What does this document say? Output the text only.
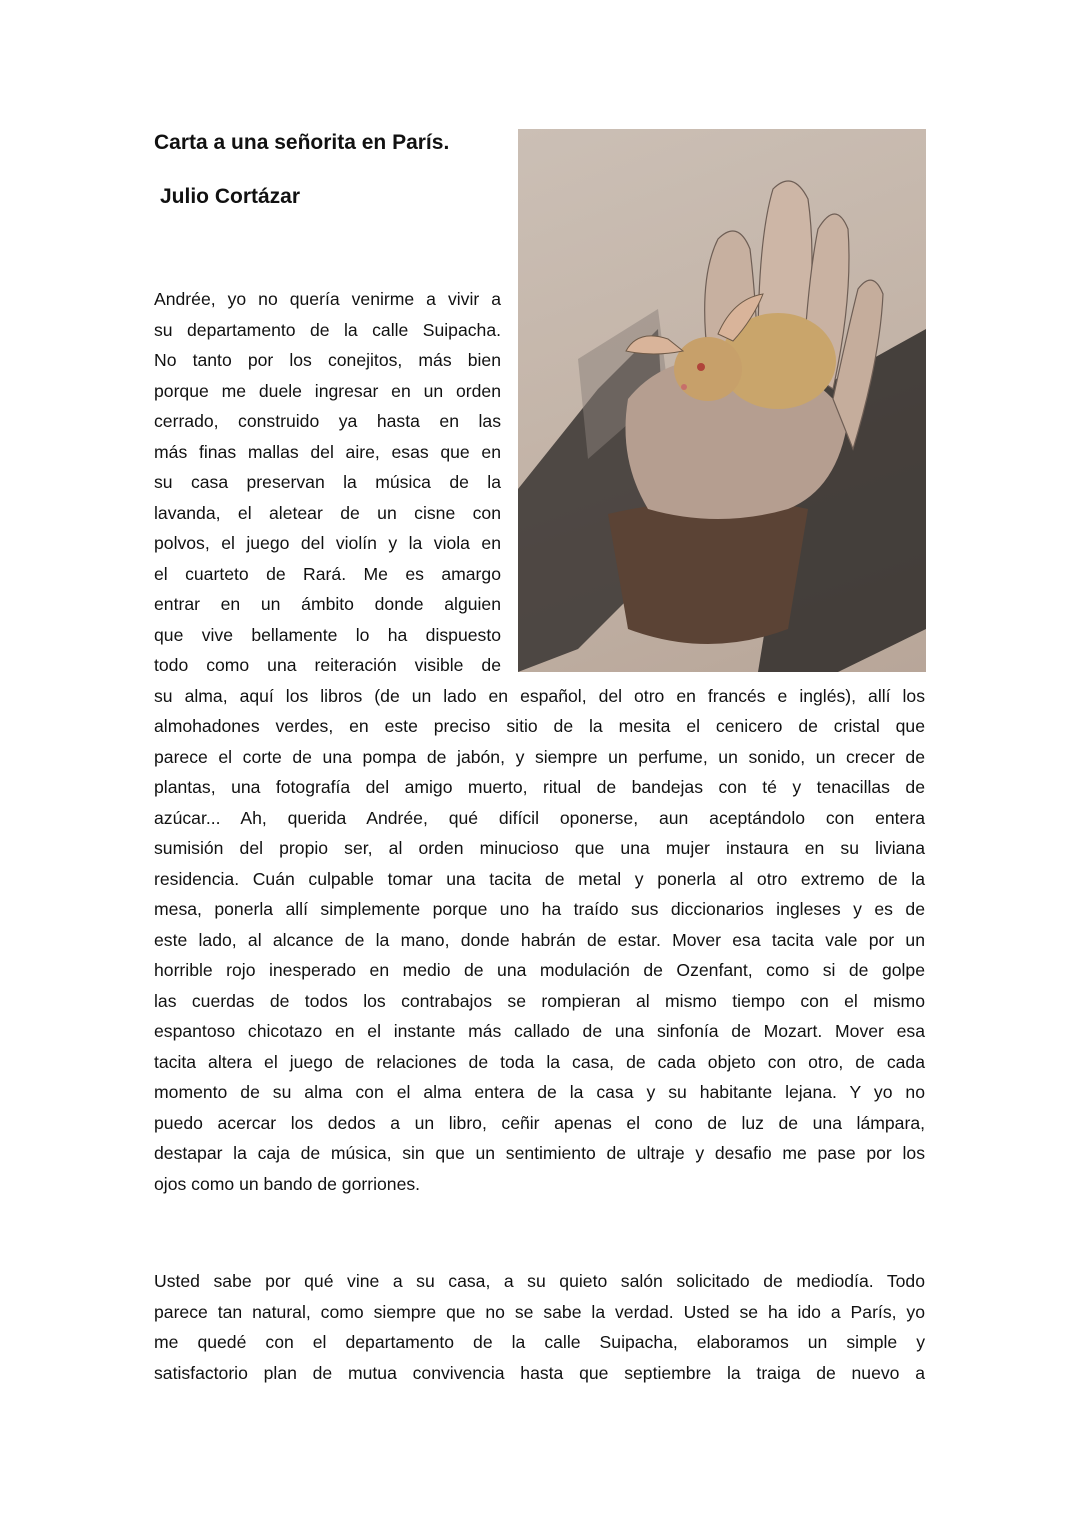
Carta a una señorita en París.
Julio Cortázar
Andrée, yo no quería venirme a vivir a
su departamento de la calle Suipacha.
No tanto por los conejitos, más bien
porque me duele ingresar en un orden
cerrado, construido ya hasta en las
más finas mallas del aire, esas que en
su casa preservan la música de la
lavanda, el aletear de un cisne con
polvos, el juego del violín y la viola en
el cuarteto de Rará. Me es amargo
entrar en un ámbito donde alguien
que vive bellamente lo ha dispuesto
todo como una reiteración visible de
su alma, aquí los libros (de un lado en español, del otro en francés e inglés), allí los
almohadones verdes, en este preciso sitio de la mesita el cenicero de cristal que
parece el corte de una pompa de jabón, y siempre un perfume, un sonido, un crecer de
plantas, una fotografía del amigo muerto, ritual de bandejas con té y tenacillas de
azúcar... Ah, querida Andrée, qué difícil oponerse, aun aceptándolo con entera
sumisión del propio ser, al orden minucioso que una mujer instaura en su liviana
residencia. Cuán culpable tomar una tacita de metal y ponerla al otro extremo de la
mesa, ponerla allí simplemente porque uno ha traído sus diccionarios ingleses y es de
este lado, al alcance de la mano, donde habrán de estar. Mover esa tacita vale por un
horrible rojo inesperado en medio de una modulación de Ozenfant, como si de golpe
las cuerdas de todos los contrabajos se rompieran al mismo tiempo con el mismo
espantoso chicotazo en el instante más callado de una sinfonía de Mozart. Mover esa
tacita altera el juego de relaciones de toda la casa, de cada objeto con otro, de cada
momento de su alma con el alma entera de la casa y su habitante lejana. Y yo no
puedo acercar los dedos a un libro, ceñir apenas el cono de luz de una lámpara,
destapar la caja de música, sin que un sentimiento de ultraje y desafio me pase por los
ojos como un bando de gorriones.
Usted sabe por qué vine a su casa, a su quieto salón solicitado de mediodía. Todo
parece tan natural, como siempre que no se sabe la verdad. Usted se ha ido a París, yo
me quedé con el departamento de la calle Suipacha, elaboramos un simple y
satisfactorio plan de mutua convivencia hasta que septiembre la traiga de nuevo a
